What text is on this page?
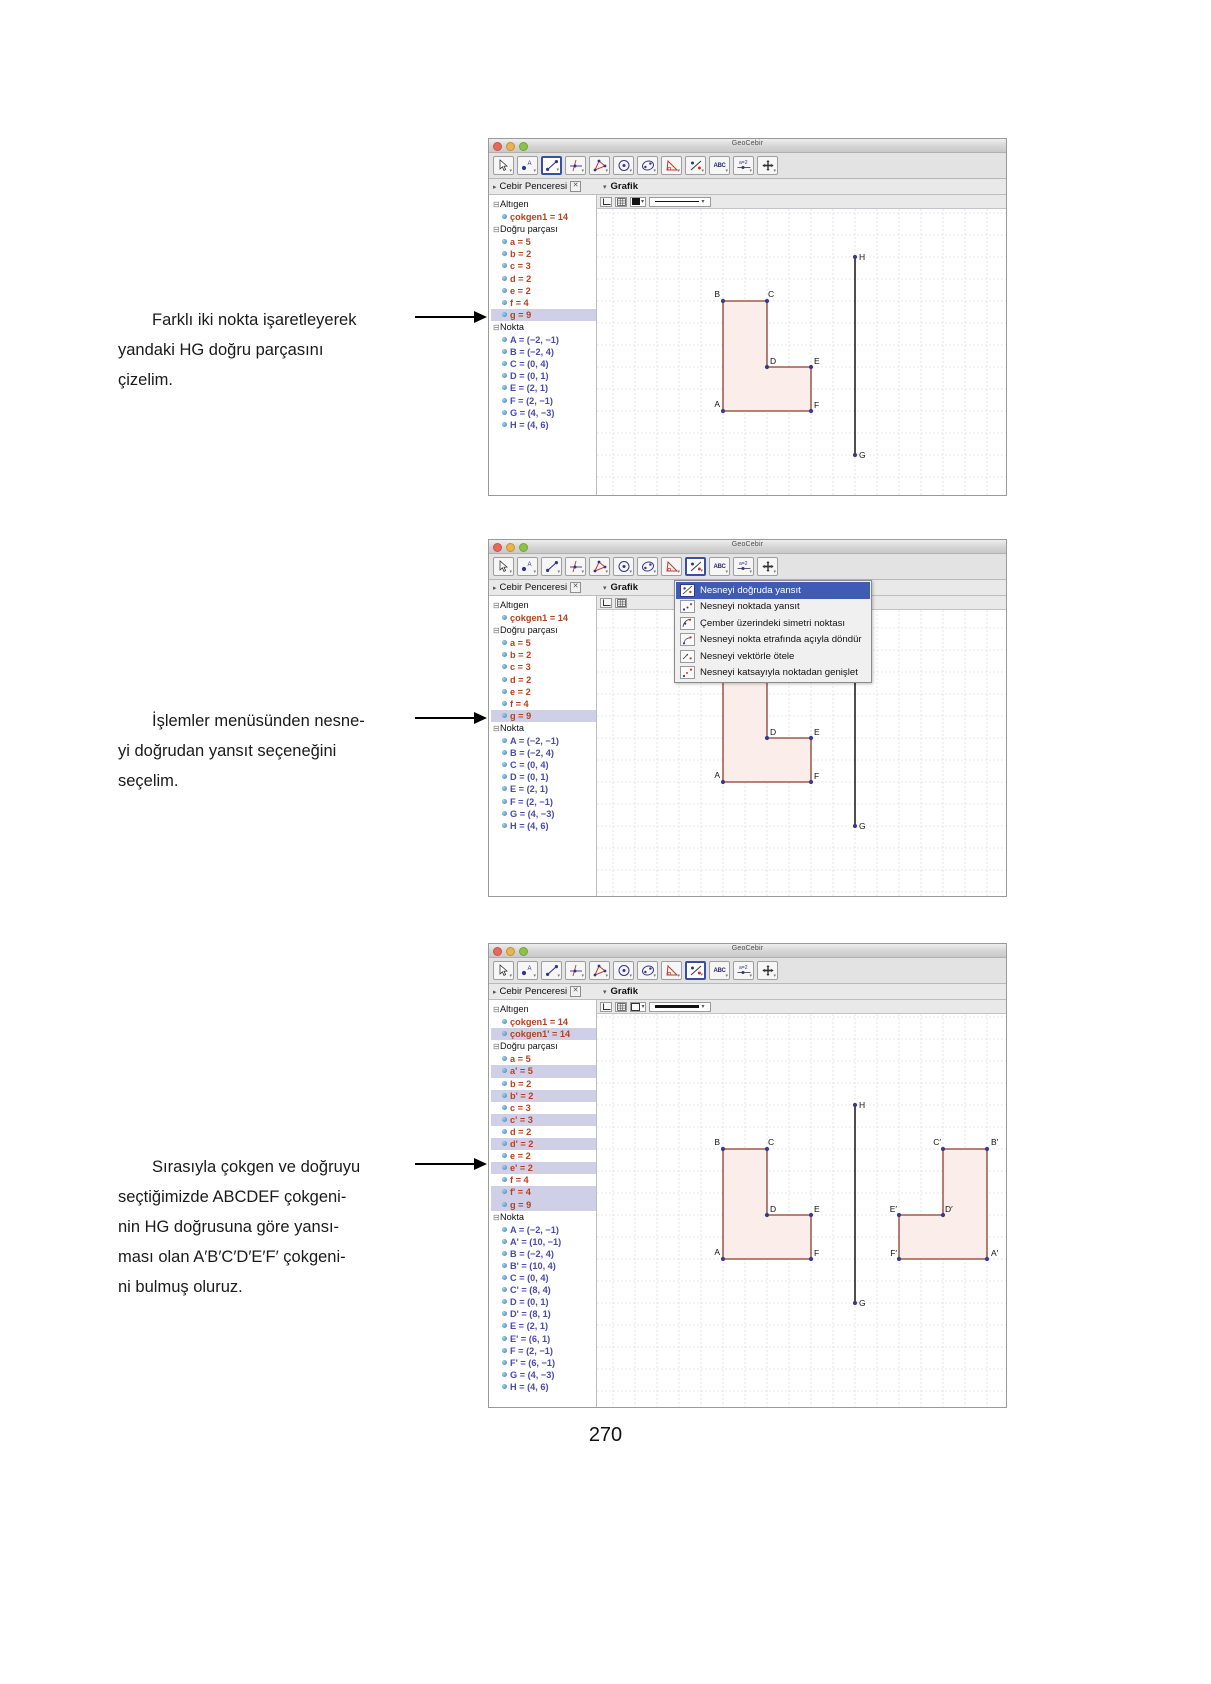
Farklı iki nokta işaretleyerek

yandaki HG doğru parçasını

çizelim.

GeoCebir
▾
A
▾	▾	▾	▾	▾	▾	▾	▾
ABC
▾
a=2
▾	▾
▸ Cebir Penceresi ✕	▾ Grafik
⊟Altıgen
çokgen1 = 14
⊟Doğru parçası
a = 5
b = 2
c = 3
d = 2
e = 2
f = 4
g = 9
⊟Nokta
A = (−2, −1)
B = (−2, 4)
C = (0, 4)
D = (0, 1)
E = (2, 1)
F = (2, −1)
G = (4, −3)
H = (4, 6)
▾	▾
A
B	C
D	E
F
H
G

İşlemler menüsünden nesne-

yi doğrudan yansıt seçeneğini

seçelim.

GeoCebir
▾
A
▾	▾	▾	▾	▾	▾	▾	▾
ABC
▾
a=2
▾	▾
▸ Cebir Penceresi ✕	▾ Grafik
⊟Altıgen
çokgen1 = 14
⊟Doğru parçası
a = 5
b = 2
c = 3
d = 2
e = 2
f = 4
g = 9
⊟Nokta
A = (−2, −1)
B = (−2, 4)
C = (0, 4)
D = (0, 1)
E = (2, 1)
F = (2, −1)
G = (4, −3)
H = (4, 6)
A
D	E
F
G
Nesneyi doğruda yansıt
Nesneyi noktada yansıt
Çember üzerindeki simetri noktası
Nesneyi nokta etrafında açıyla döndür
Nesneyi vektörle ötele
Nesneyi katsayıyla noktadan genişlet

Sırasıyla çokgen ve doğruyu

seçtiğimizde ABCDEF çokgeni-

nin HG doğrusuna göre yansı-

ması olan A′B′C′D′E′F′ çokgeni-

ni bulmuş oluruz.

GeoCebir
▾
A
▾	▾	▾	▾	▾	▾	▾	▾
ABC
▾
a=2
▾	▾
▸ Cebir Penceresi ✕	▾ Grafik
⊟Altıgen
çokgen1 = 14
çokgen1' = 14
⊟Doğru parçası
a = 5
a' = 5
b = 2
b' = 2
c = 3
c' = 3
d = 2
d' = 2
e = 2
e' = 2
f = 4
f' = 4
g = 9
⊟Nokta
A = (−2, −1)
A' = (10, −1)
B = (−2, 4)
B' = (10, 4)
C = (0, 4)
C' = (8, 4)
D = (0, 1)
D' = (8, 1)
E = (2, 1)
E' = (6, 1)
F = (2, −1)
F' = (6, −1)
G = (4, −3)
H = (4, 6)
▾	▾
A
B	C
D	E
F
H
G
A′
B′
C′
D′
E′
F′
270
